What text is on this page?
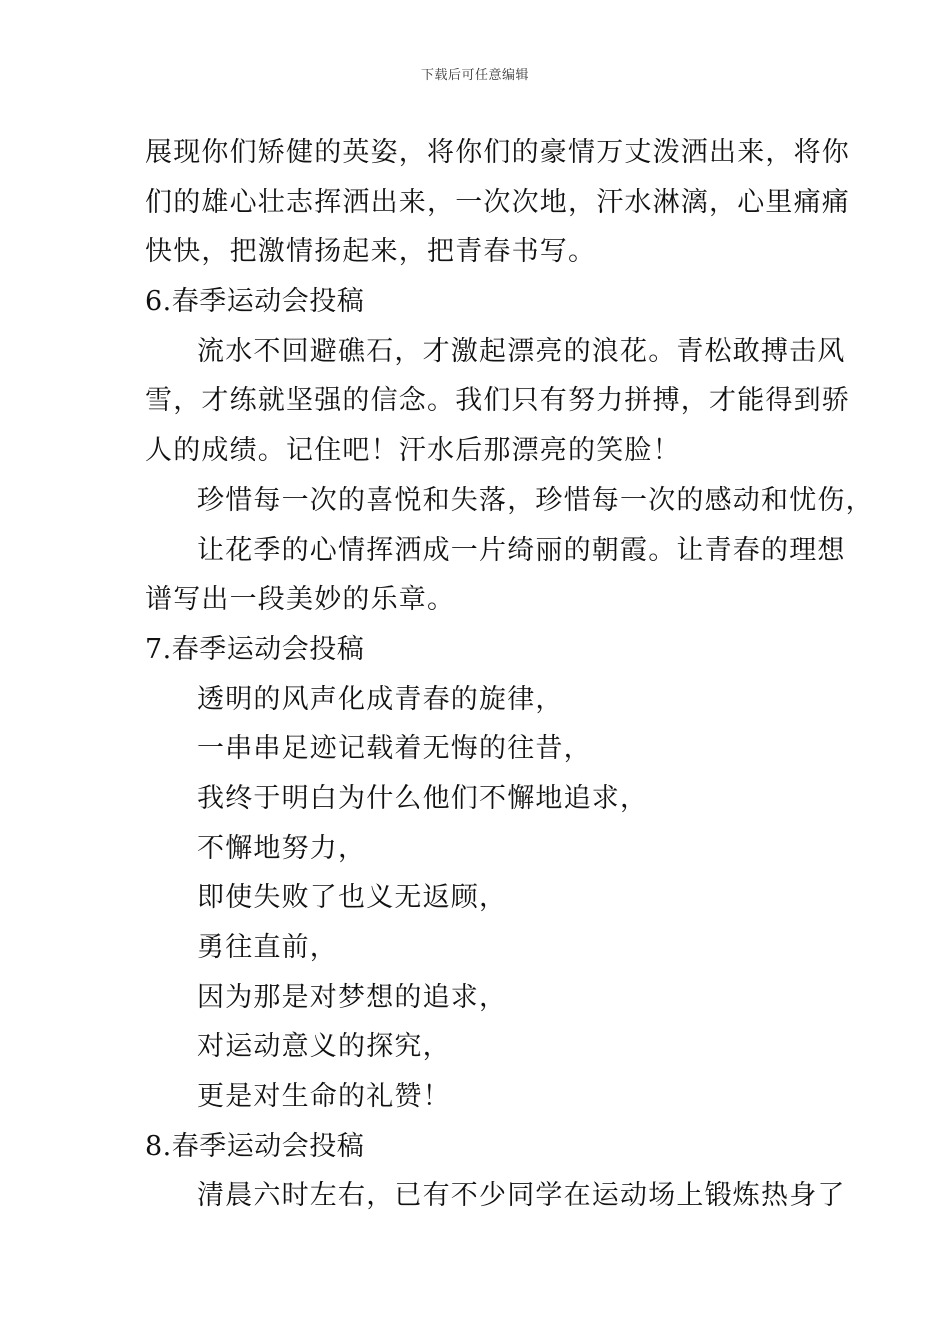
下载后可任意编辑
展现你们矫健的英姿，将你们的豪情万丈泼洒出来，将你
们的雄心壮志挥洒出来，一次次地，汗水淋漓，心里痛痛
快快，把激情扬起来，把青春书写。
6.春季运动会投稿
流水不回避礁石，才激起漂亮的浪花。青松敢搏击风
雪，才练就坚强的信念。我们只有努力拼搏，才能得到骄
人的成绩。记住吧！汗水后那漂亮的笑脸！
珍惜每一次的喜悦和失落，珍惜每一次的感动和忧伤，
让花季的心情挥洒成一片绮丽的朝霞。让青春的理想
谱写出一段美妙的乐章。
7.春季运动会投稿
透明的风声化成青春的旋律，
一串串足迹记载着无悔的往昔，
我终于明白为什么他们不懈地追求，
不懈地努力，
即使失败了也义无返顾，
勇往直前，
因为那是对梦想的追求，
对运动意义的探究，
更是对生命的礼赞！
8.春季运动会投稿
清晨六时左右，已有不少同学在运动场上锻炼热身了
